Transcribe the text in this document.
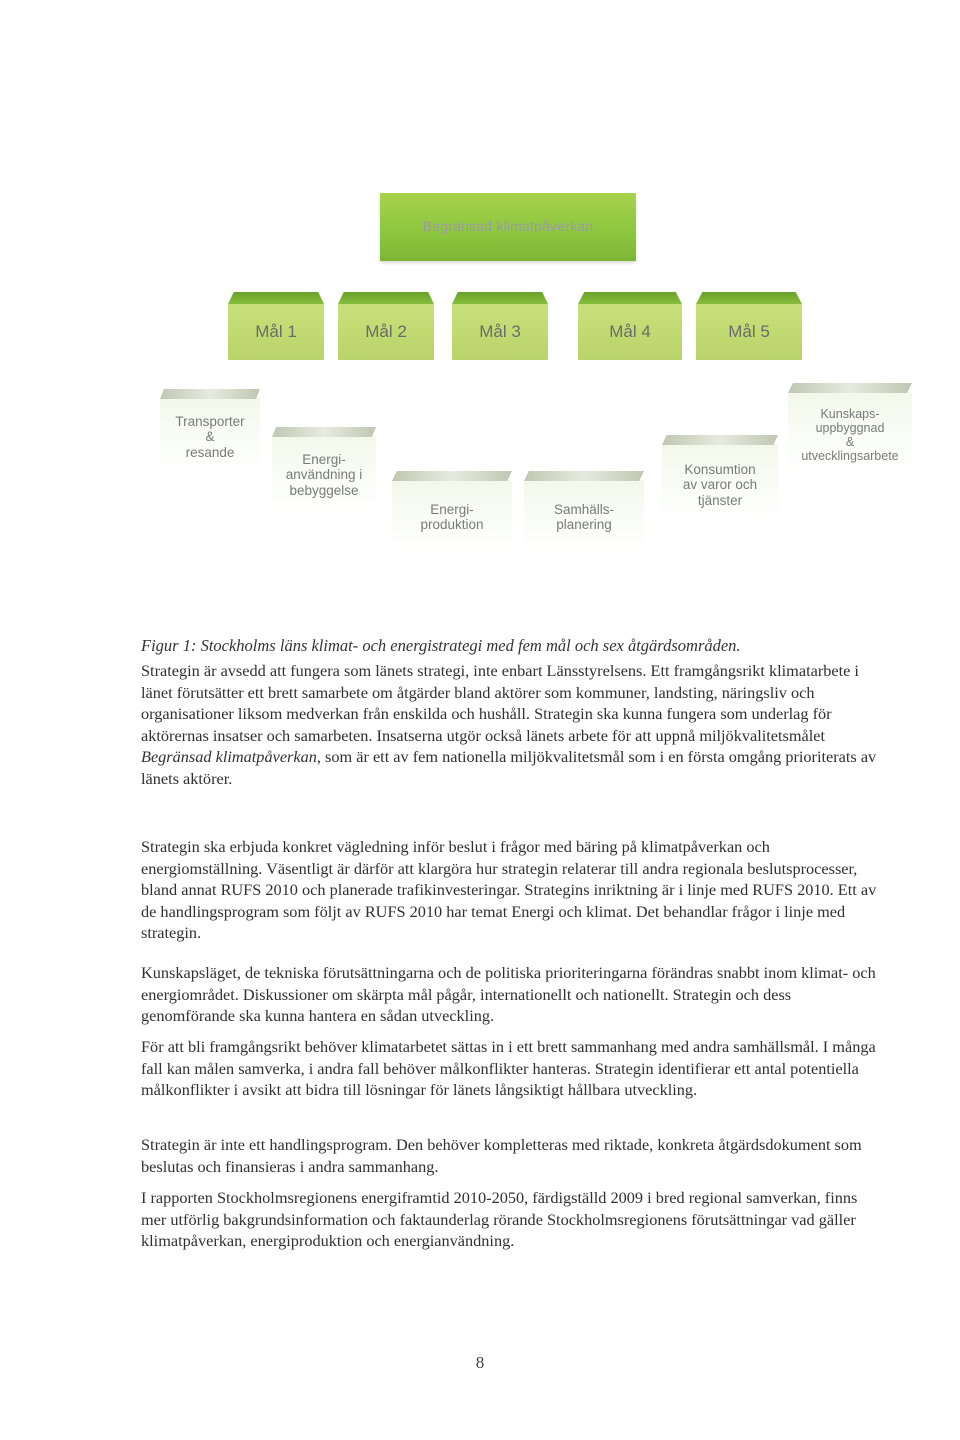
Begränsad klimatpåverkan
Mål 1	Mål 2	Mål 3	Mål 4	Mål 5
Transporter
&
resande
Energi-
användning i
bebyggelse
Energi-
produktion
Samhälls-
planering
Konsumtion
av varor och
tjänster
Kunskaps-
uppbyggnad
&
utvecklingsarbete
Figur 1: Stockholms läns klimat- och energistrategi med fem mål och sex åtgärdsområden.

Strategin är avsedd att fungera som länets strategi, inte enbart Länsstyrelsens. Ett framgångsrikt klimatarbete i länet förutsätter ett brett samarbete om åtgärder bland aktörer som kommuner, landsting, näringsliv och organisationer liksom medverkan från enskilda och hushåll. Strategin ska kunna fungera som underlag för aktörernas insatser och samarbeten. Insatserna utgör också länets arbete för att uppnå miljökvalitetsmålet Begränsad klimatpåverkan, som är ett av fem nationella miljökvalitetsmål som i en första omgång prioriterats av länets aktörer.

Strategin ska erbjuda konkret vägledning inför beslut i frågor med bäring på klimatpåverkan och energiomställning. Väsentligt är därför att klargöra hur strategin relaterar till andra regionala beslutsprocesser, bland annat RUFS 2010 och planerade trafikinvesteringar. Strategins inriktning är i linje med RUFS 2010. Ett av de handlingsprogram som följt av RUFS 2010 har temat Energi och klimat. Det behandlar frågor i linje med strategin.

Kunskapsläget, de tekniska förutsättningarna och de politiska prioriteringarna förändras snabbt inom klimat- och energiområdet. Diskussioner om skärpta mål pågår, internationellt och nationellt. Strategin och dess genomförande ska kunna hantera en sådan utveckling.

För att bli framgångsrikt behöver klimatarbetet sättas in i ett brett sammanhang med andra samhällsmål. I många fall kan målen samverka, i andra fall behöver målkonflikter hanteras. Strategin identifierar ett antal potentiella målkonflikter i avsikt att bidra till lösningar för länets långsiktigt hållbara utveckling.

Strategin är inte ett handlingsprogram. Den behöver kompletteras med riktade, konkreta åtgärdsdokument som beslutas och finansieras i andra sammanhang.

I rapporten Stockholmsregionens energiframtid 2010-2050, färdigställd 2009 i bred regional samverkan, finns mer utförlig bakgrundsinformation och faktaunderlag rörande Stockholmsregionens förutsättningar vad gäller klimatpåverkan, energiproduktion och energianvändning.

8
